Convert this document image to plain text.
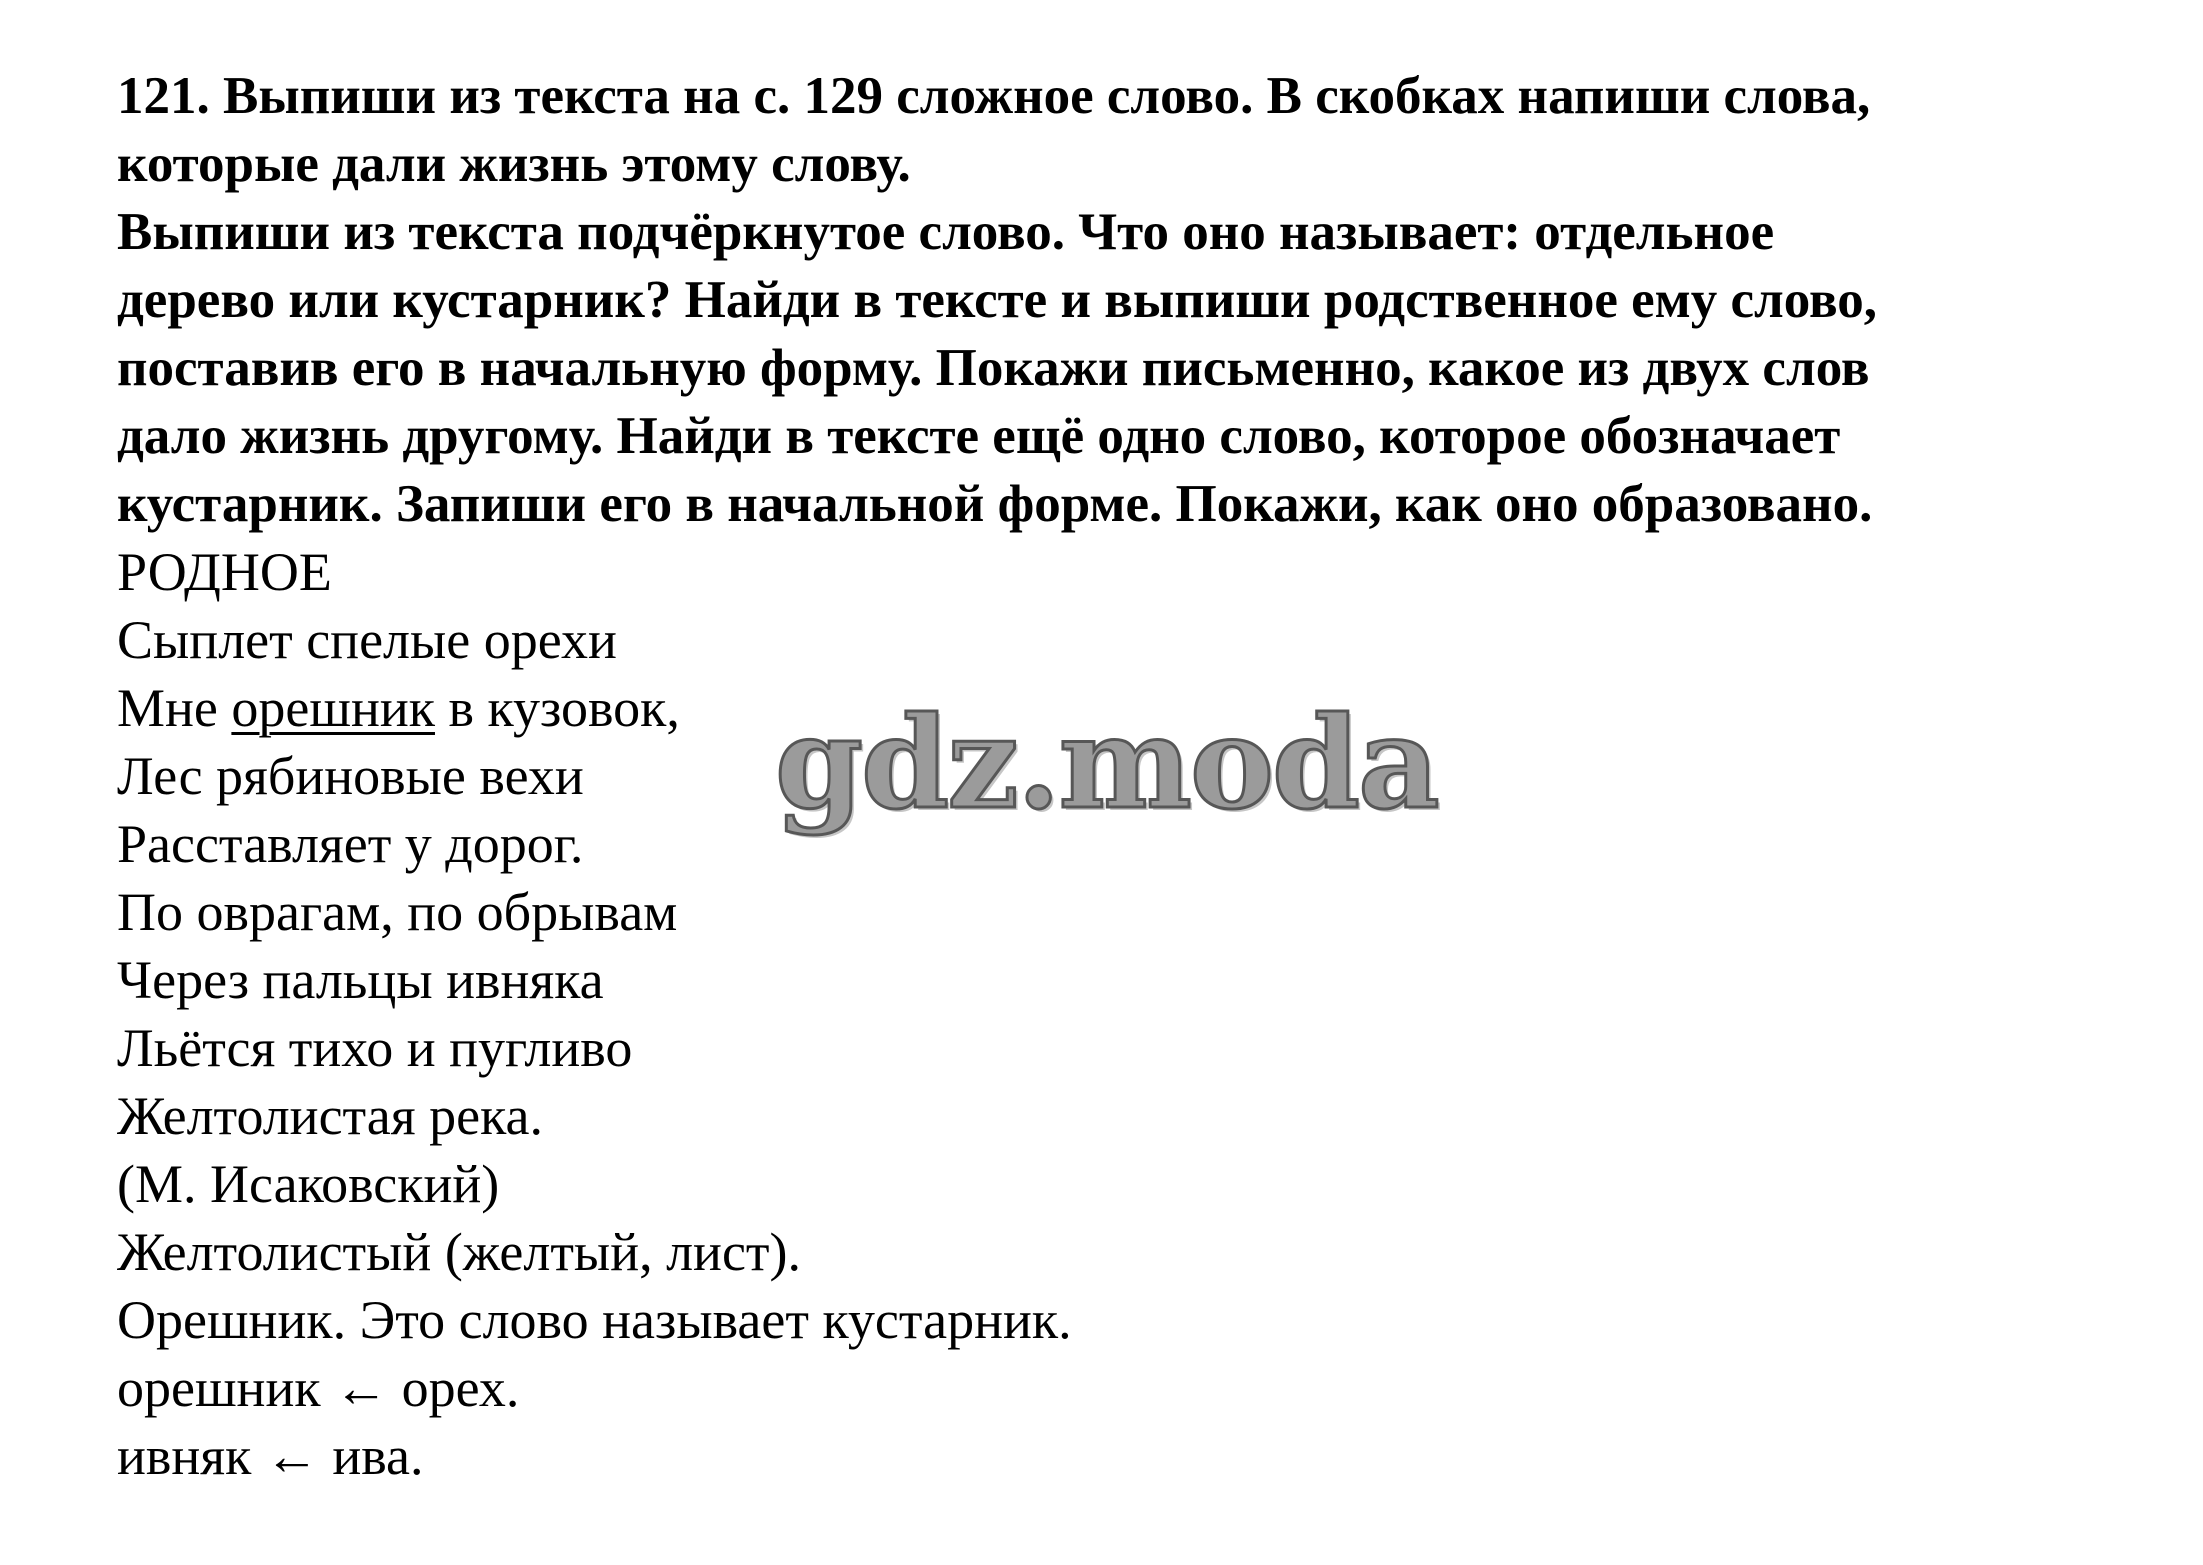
121. Выпиши из текста на с. 129 сложное слово. В скобках напиши слова,

которые дали жизнь этому слову.

Выпиши из текста подчёркнутое слово. Что оно называет: отдельное

дерево или кустарник? Найди в тексте и выпиши родственное ему слово,

поставив его в начальную форму. Покажи письменно, какое из двух слов

дало жизнь другому. Найди в тексте ещё одно слово, которое обозначает

кустарник. Запиши его в начальной форме. Покажи, как оно образовано.

РОДНОЕ
Сыплет спелые орехи
Мне орешник в кузовок,
Лес рябиновые вехи
Расставляет у дорог.
По оврагам, по обрывам
Через пальцы ивняка
Льётся тихо и пугливо
Желтолистая река.
(М. Исаковский)
Желтолистый (желтый, лист).
Орешник. Это слово называет кустарник.
орешник ← орех.
ивняк ← ива.
gdz.moda
